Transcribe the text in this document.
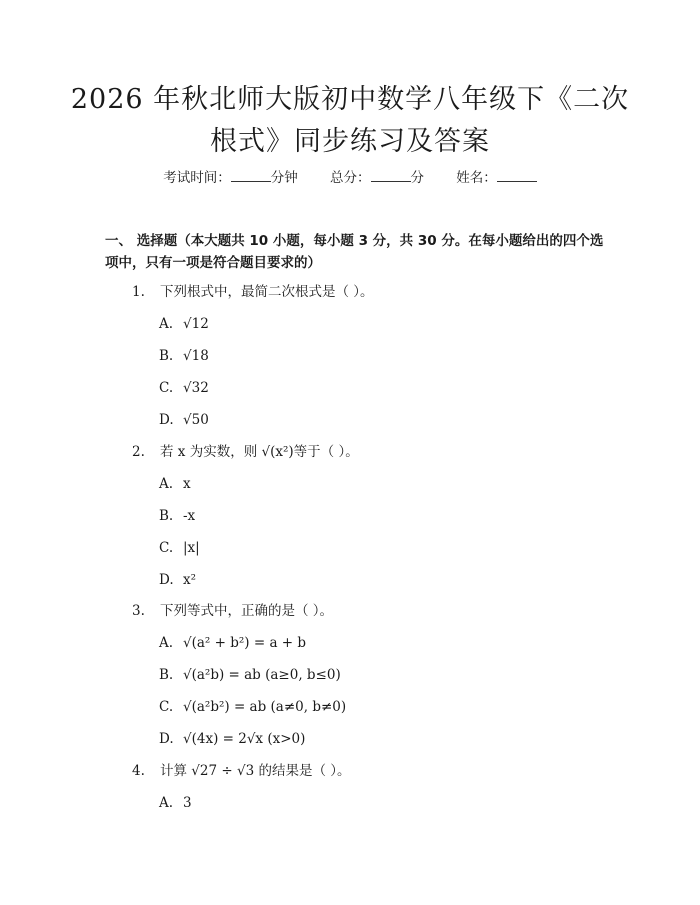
2026 年秋北师大版初中数学八年级下《二次
根式》同步练习及答案
考试时间：	分钟 总分：	分 姓名：
一、 选择题（本大题共 10 小题，每小题 3 分，共 30 分。在每小题给出的四个选项中，只有一项是符合题目要求的）
1. 下列根式中，最简二次根式是（ ）。
A. √12
B. √18
C. √32
D. √50
2. 若 x 为实数，则 √(x²)等于（ ）。
A. x
B. -x
C. |x|
D. x²
3. 下列等式中，正确的是（ ）。
A. √(a² + b²) = a + b
B. √(a²b) = ab (a≥0, b≤0)
C. √(a²b²) = ab (a≠0, b≠0)
D. √(4x) = 2√x (x>0)
4. 计算 √27 ÷ √3 的结果是（ ）。
A. 3
